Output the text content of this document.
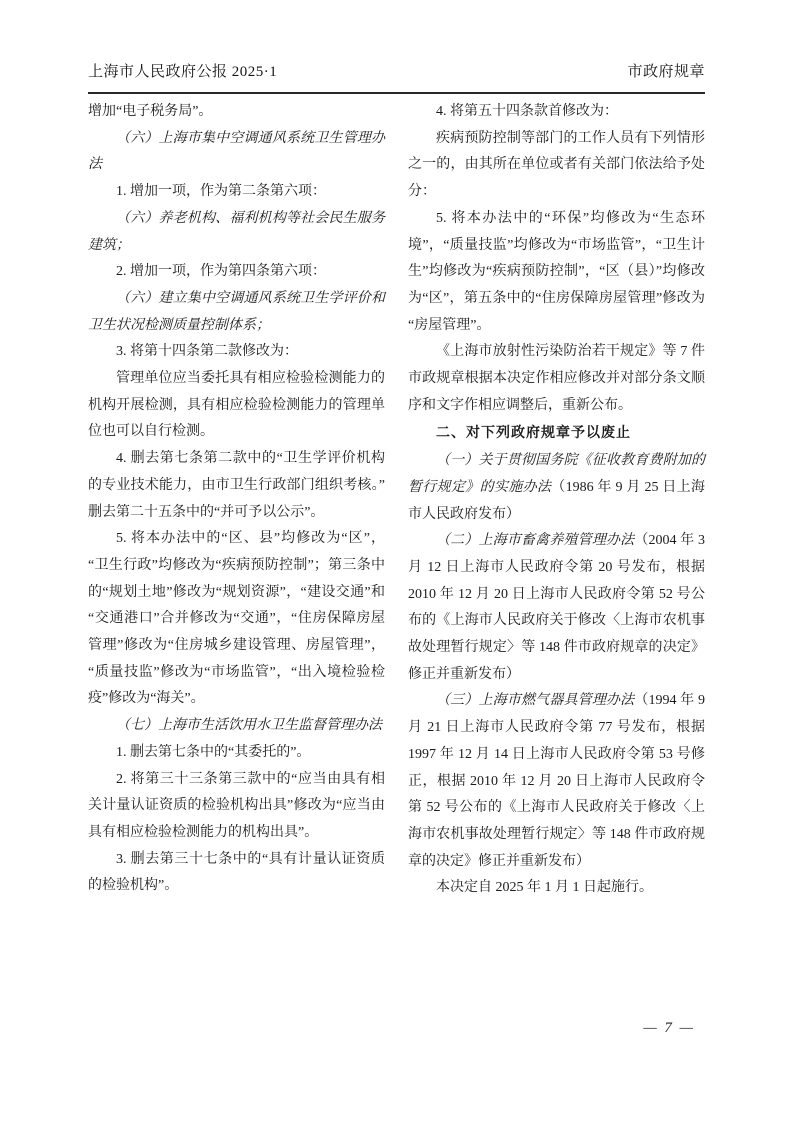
上海市人民政府公报 2025·1	市政府规章

增加“电子税务局”。

（六）上海市集中空调通风系统卫生管理办法

1. 增加一项，作为第二条第六项：

（六）养老机构、福利机构等社会民生服务建筑；

2. 增加一项，作为第四条第六项：

（六）建立集中空调通风系统卫生学评价和卫生状况检测质量控制体系；

3. 将第十四条第二款修改为：

管理单位应当委托具有相应检验检测能力的机构开展检测，具有相应检验检测能力的管理单位也可以自行检测。

4. 删去第七条第二款中的“卫生学评价机构的专业技术能力，由市卫生行政部门组织考核。”删去第二十五条中的“并可予以公示”。

5. 将本办法中的“区、县”均修改为“区”，“卫生行政”均修改为“疾病预防控制”；第三条中的“规划土地”修改为“规划资源”，“建设交通”和“交通港口”合并修改为“交通”，“住房保障房屋管理”修改为“住房城乡建设管理、房屋管理”，“质量技监”修改为“市场监管”，“出入境检验检疫”修改为“海关”。

（七）上海市生活饮用水卫生监督管理办法

1. 删去第七条中的“其委托的”。

2. 将第三十三条第三款中的“应当由具有相关计量认证资质的检验机构出具”修改为“应当由具有相应检验检测能力的机构出具”。

3. 删去第三十七条中的“具有计量认证资质的检验机构”。

4. 将第五十四条款首修改为：

疾病预防控制等部门的工作人员有下列情形之一的，由其所在单位或者有关部门依法给予处分：

5. 将本办法中的“环保”均修改为“生态环境”，“质量技监”均修改为“市场监管”，“卫生计生”均修改为“疾病预防控制”，“区（县）”均修改为“区”，第五条中的“住房保障房屋管理”修改为“房屋管理”。

《上海市放射性污染防治若干规定》等 7 件市政规章根据本决定作相应修改并对部分条文顺序和文字作相应调整后，重新公布。

二、对下列政府规章予以废止

（一）关于贯彻国务院《征收教育费附加的暂行规定》的实施办法（1986 年 9 月 25 日上海市人民政府发布）

（二）上海市畜禽养殖管理办法（2004 年 3 月 12 日上海市人民政府令第 20 号发布，根据 2010 年 12 月 20 日上海市人民政府令第 52 号公布的《上海市人民政府关于修改〈上海市农机事故处理暂行规定〉等 148 件市政府规章的决定》修正并重新发布）

（三）上海市燃气器具管理办法（1994 年 9 月 21 日上海市人民政府令第 77 号发布，根据 1997 年 12 月 14 日上海市人民政府令第 53 号修正，根据 2010 年 12 月 20 日上海市人民政府令第 52 号公布的《上海市人民政府关于修改〈上海市农机事故处理暂行规定〉等 148 件市政府规章的决定》修正并重新发布）

本决定自 2025 年 1 月 1 日起施行。

— 7 —
